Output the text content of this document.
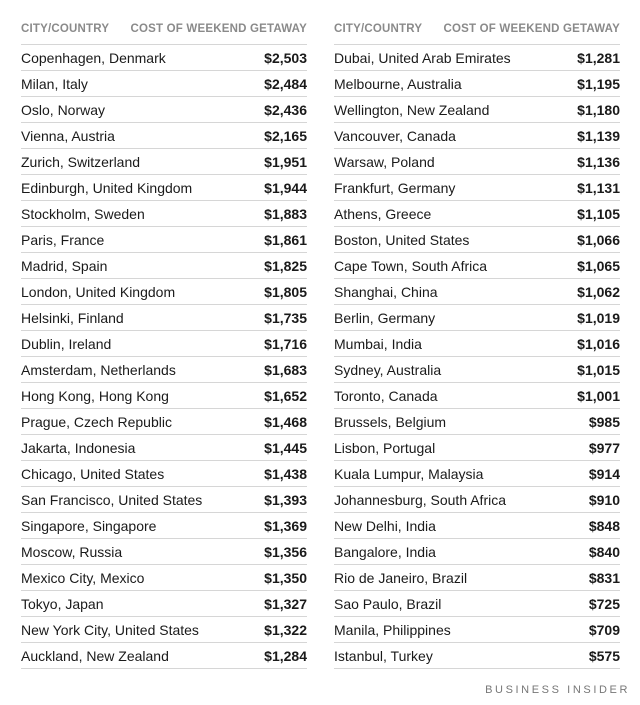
CITY/COUNTRY COST OF WEEKEND GETAWAY
Copenhagen, Denmark	$2,503
Milan, Italy	$2,484
Oslo, Norway	$2,436
Vienna, Austria	$2,165
Zurich, Switzerland	$1,951
Edinburgh, United Kingdom	$1,944
Stockholm, Sweden	$1,883
Paris, France	$1,861
Madrid, Spain	$1,825
London, United Kingdom	$1,805
Helsinki, Finland	$1,735
Dublin, Ireland	$1,716
Amsterdam, Netherlands	$1,683
Hong Kong, Hong Kong	$1,652
Prague, Czech Republic	$1,468
Jakarta, Indonesia	$1,445
Chicago, United States	$1,438
San Francisco, United States	$1,393
Singapore, Singapore	$1,369
Moscow, Russia	$1,356
Mexico City, Mexico	$1,350
Tokyo, Japan	$1,327
New York City, United States	$1,322
Auckland, New Zealand	$1,284
CITY/COUNTRY COST OF WEEKEND GETAWAY
Dubai, United Arab Emirates	$1,281
Melbourne, Australia	$1,195
Wellington, New Zealand	$1,180
Vancouver, Canada	$1,139
Warsaw, Poland	$1,136
Frankfurt, Germany	$1,131
Athens, Greece	$1,105
Boston, United States	$1,066
Cape Town, South Africa	$1,065
Shanghai, China	$1,062
Berlin, Germany	$1,019
Mumbai, India	$1,016
Sydney, Australia	$1,015
Toronto, Canada	$1,001
Brussels, Belgium	$985
Lisbon, Portugal	$977
Kuala Lumpur, Malaysia	$914
Johannesburg, South Africa	$910
New Delhi, India	$848
Bangalore, India	$840
Rio de Janeiro, Brazil	$831
Sao Paulo, Brazil	$725
Manila, Philippines	$709
Istanbul, Turkey	$575
BUSINESS INSIDER
